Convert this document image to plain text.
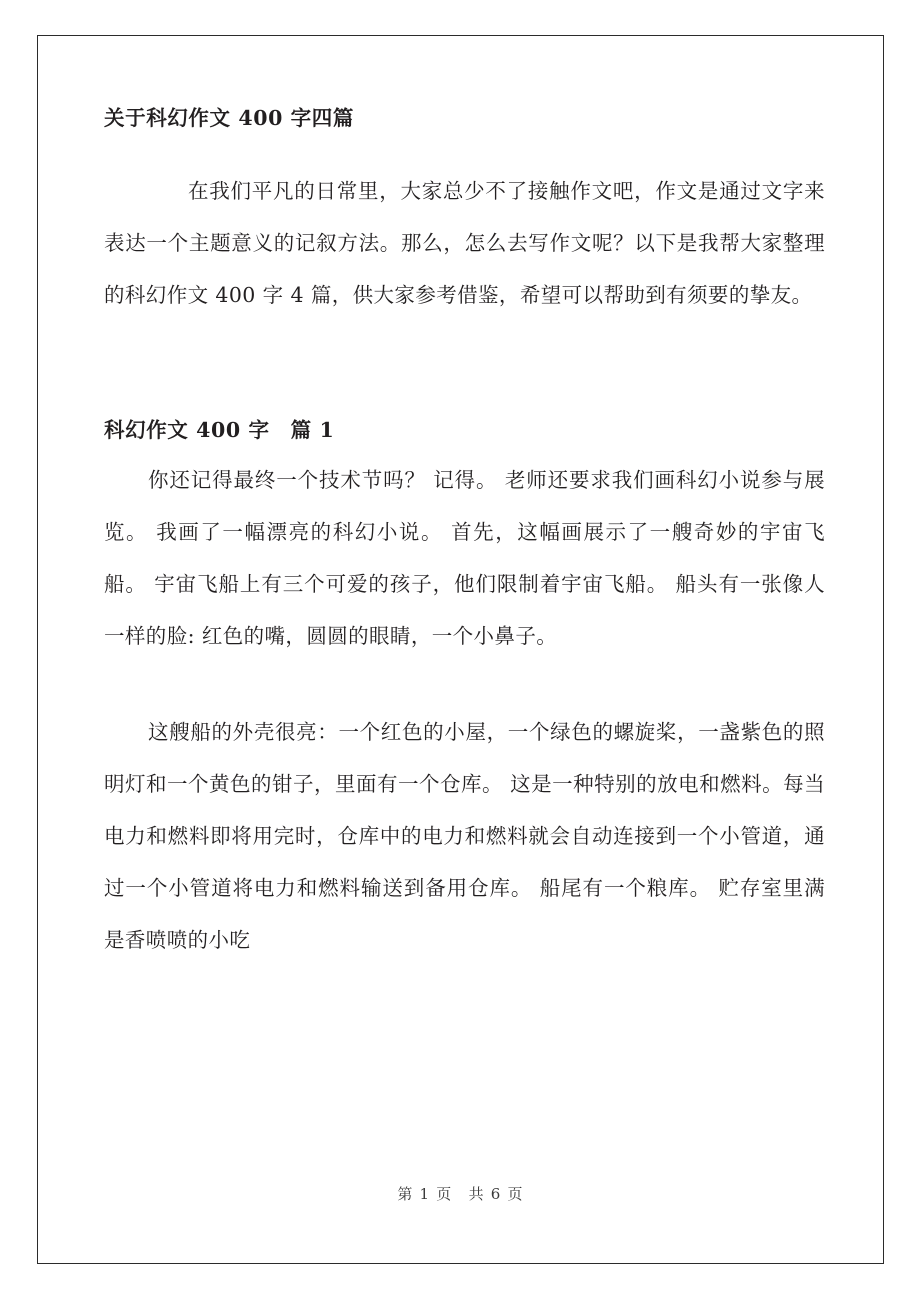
关于科幻作文 400 字四篇

在我们平凡的日常里，大家总少不了接触作文吧，作文是通过文字来表达一个主题意义的记叙方法。那么，怎么去写作文呢？以下是我帮大家整理的科幻作文 400 字 4 篇，供大家参考借鉴，希望可以帮助到有须要的挚友。

科幻作文 400 字　篇 1

你还记得最终一个技术节吗？ 记得。 老师还要求我们画科幻小说参与展览。 我画了一幅漂亮的科幻小说。 首先，这幅画展示了一艘奇妙的宇宙飞船。 宇宙飞船上有三个可爱的孩子，他们限制着宇宙飞船。 船头有一张像人一样的脸: 红色的嘴，圆圆的眼睛，一个小鼻子。

这艘船的外壳很亮：一个红色的小屋，一个绿色的螺旋桨，一盏紫色的照明灯和一个黄色的钳子，里面有一个仓库。 这是一种特别的放电和燃料。每当电力和燃料即将用完时，仓库中的电力和燃料就会自动连接到一个小管道，通过一个小管道将电力和燃料输送到备用仓库。 船尾有一个粮库。 贮存室里满是香喷喷的小吃

第 1 页　共 6 页
